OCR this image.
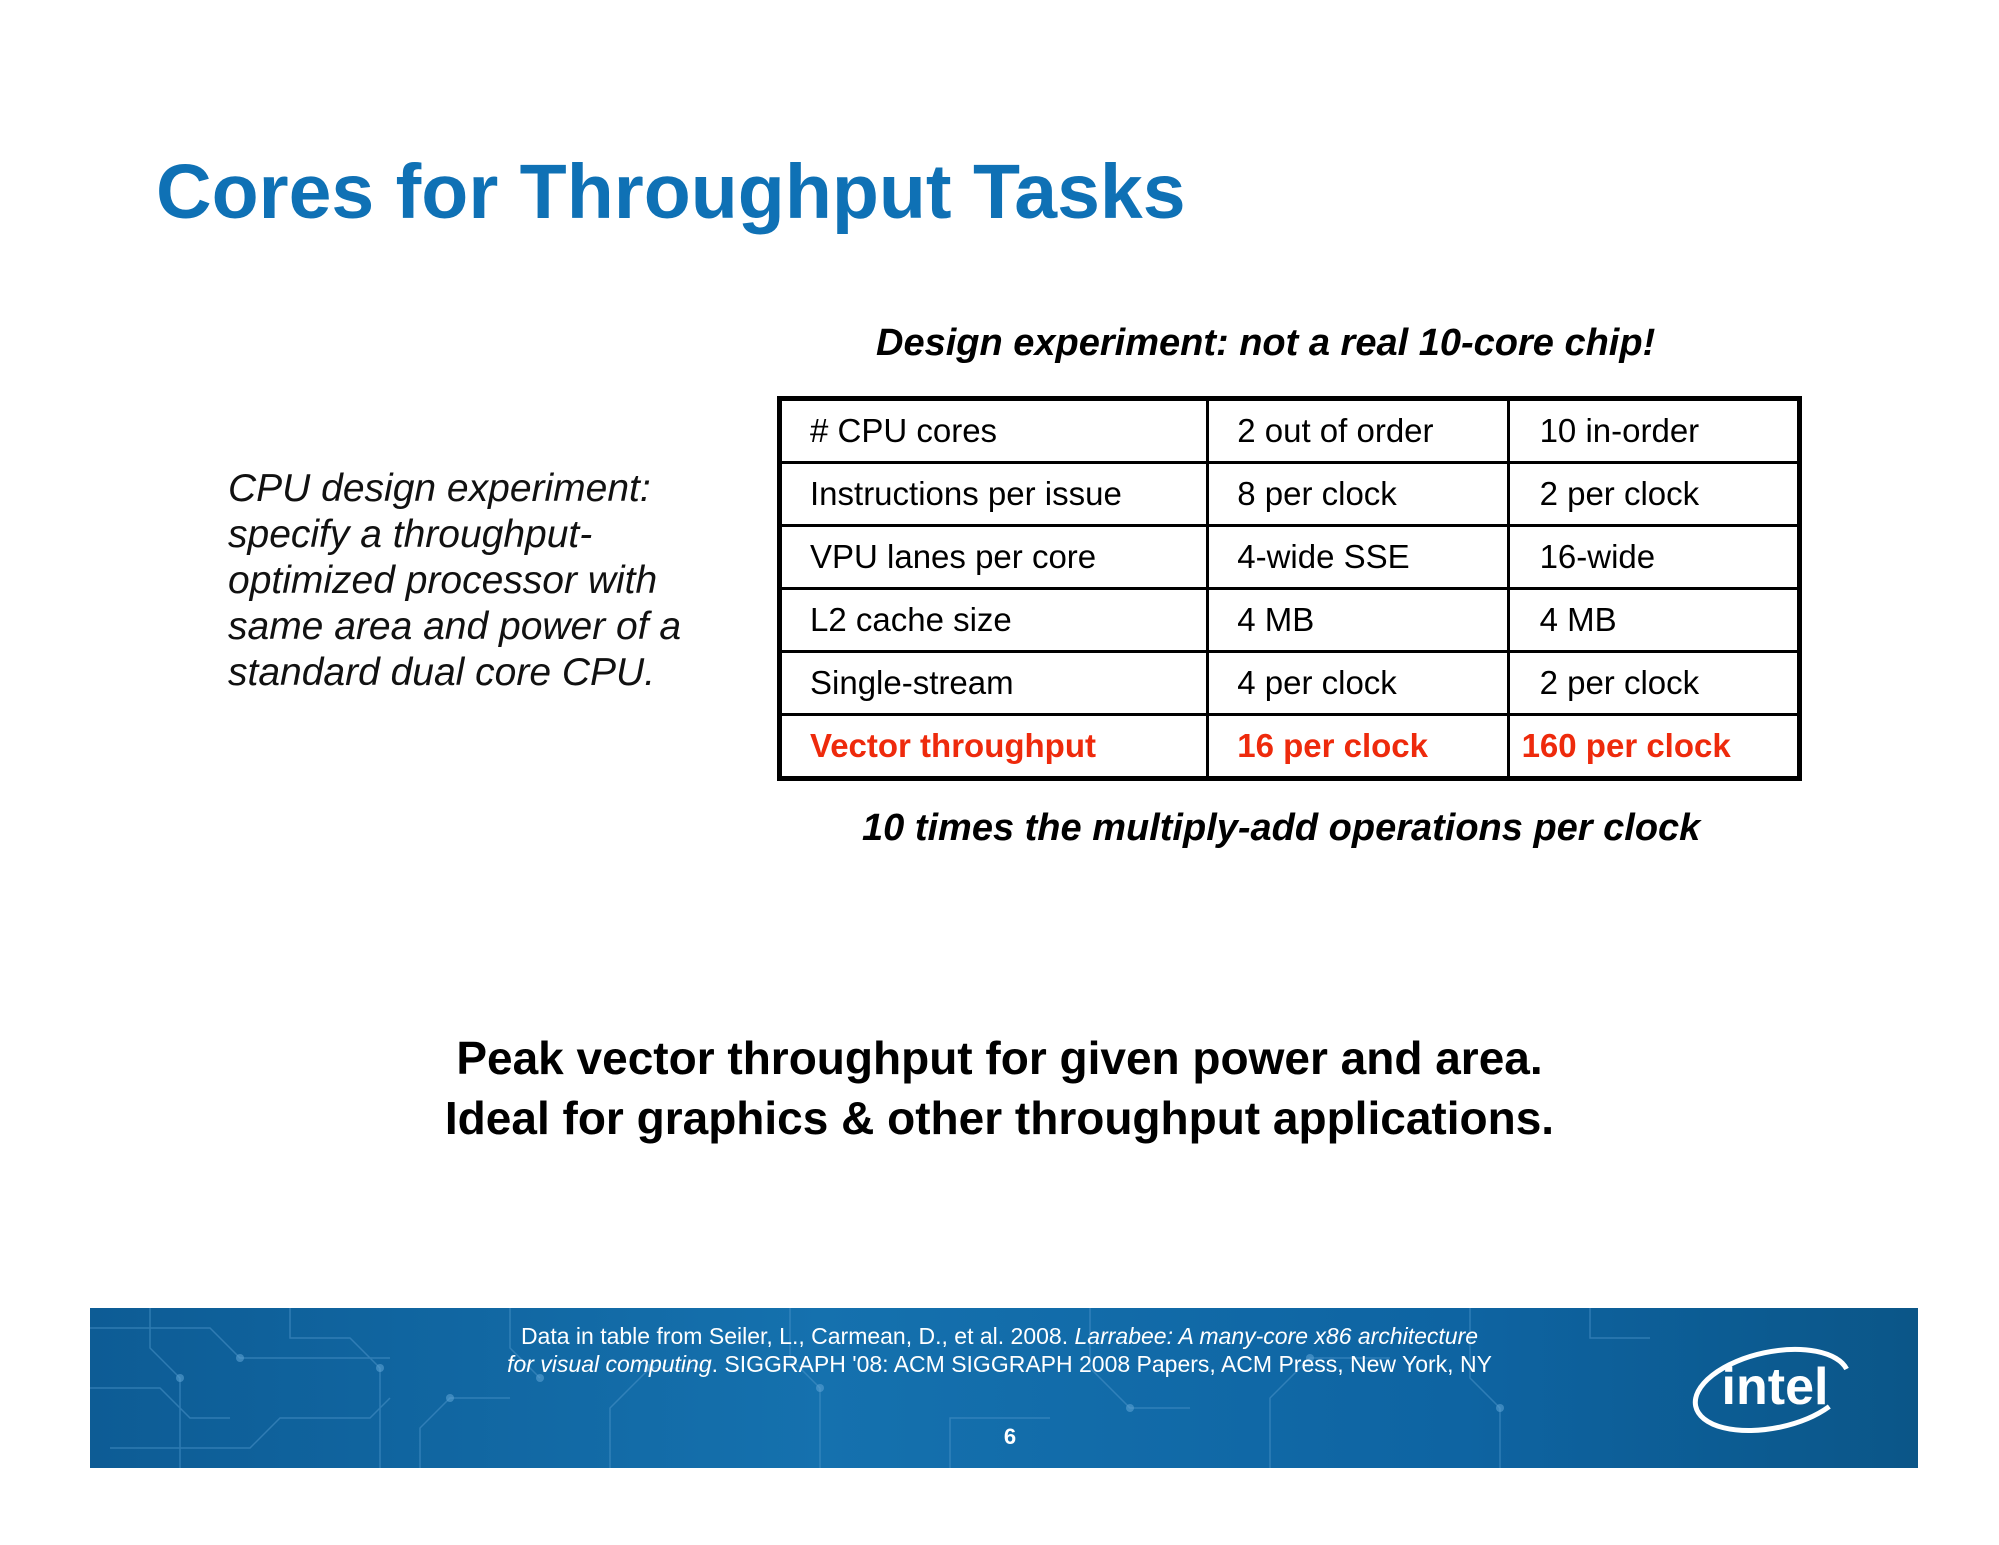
Cores for Throughput Tasks
CPU design experiment: specify a throughput-optimized processor with same area and power of a standard dual core CPU.
Design experiment: not a real 10-core chip!
# CPU cores	2 out of order	10 in-order
Instructions per issue	8 per clock	2 per clock
VPU lanes per core	4-wide SSE	16-wide
L2 cache size	4 MB	4 MB
Single-stream	4 per clock	2 per clock
Vector throughput	16 per clock	160 per clock
10 times the multiply-add operations per clock
Peak vector throughput for given power and area.
Ideal for graphics & other throughput applications.
Data in table from Seiler, L., Carmean, D., et al. 2008. Larrabee: A many-core x86 architecture
for visual computing. SIGGRAPH '08: ACM SIGGRAPH 2008 Papers, ACM Press, New York, NY
6
intel
